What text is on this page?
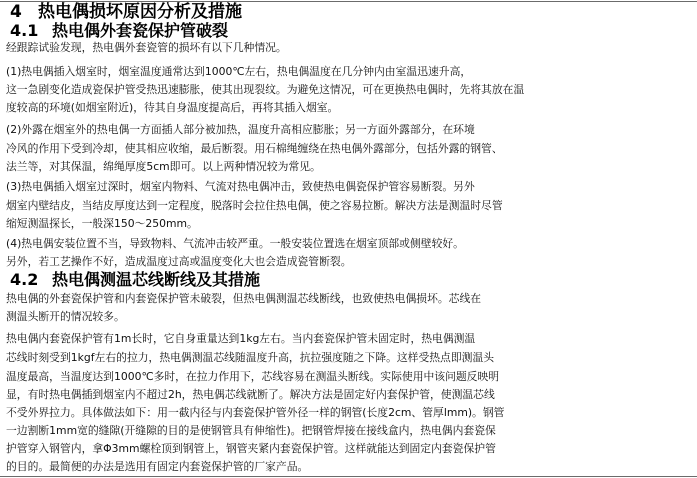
4 热电偶损坏原因分析及措施
4.1 热电偶外套瓷保护管破裂
经跟踪试验发现，热电偶外套瓷管的损坏有以下几种情况。
(1)热电偶插入烟室时，烟室温度通常达到1000℃左右，热电偶温度在几分钟内由室温迅速升高，
这一急剧变化造成瓷保护管受热迅速膨胀，使其出现裂纹。为避免这情况，可在更换热电偶时，先将其放在温
度较高的环境(如烟室附近)，待其自身温度提高后，再将其插入烟室。
(2)外露在烟室外的热电偶一方面插人部分被加热，温度升高相应膨胀；另一方面外露部分，在环境
冷风的作用下受到冷却，使其相应收缩，最后断裂。用石棉绳缠绕在热电偶外露部分，包括外露的钢管、
法兰等，对其保温，绵绳厚度5cm即可。以上两种情况较为常见。
(3)热电偶插入烟室过深时，烟室内物料、气流对热电偶冲击，致使热电偶瓷保护管容易断裂。另外
烟室内壁结皮，当结皮厚度达到一定程度，脱落时会拉住热电偶，使之容易拉断。解决方法是测温时尽管
缩短测温探长，一般深150～250mm。
(4)热电偶安装位置不当，导致物料、气流冲击较严重。一般安装位置选在烟室顶部或侧壁较好。
另外，若工艺操作不好，造成温度过高或温度变化大也会造成瓷管断裂。
4.2 热电偶测温芯线断线及其措施
热电偶的外套瓷保护管和内套瓷保护管未破裂，但热电偶测温芯线断线，也致使热电偶损坏。芯线在
测温头断开的情况较多。
热电偶内套瓷保护管有1m长时，它自身重量达到1kg左右。当内套瓷保护管未固定时，热电偶测温
芯线时刻受到1kgf左右的拉力，热电偶测温芯线随温度升高，抗拉强度随之下降。这样受热点即测温头
温度最高，当温度达到1000℃多时，在拉力作用下，芯线容易在测温头断线。实际使用中该问题反映明
显，有时热电偶插到烟室内不超过2h，热电偶芯线就断了。解决方法是固定好内套保护管，使测温芯线
不受外界拉力。具体做法如下：用一截内径与内套瓷保护管外径一样的钢管(长度2cm、管厚lmm)。钢管
一边割断1mm宽的缝隙(开缝隙的目的是使钢管具有伸缩性)。把钢管焊接在接线盒内，热电偶内套瓷保
护管穿入钢管内，拿Φ3mm螺栓顶到钢管上，钢管夹紧内套瓷保护管。这样就能达到固定内套瓷保护管
的目的。最简便的办法是选用有固定内套瓷保护管的厂家产品。
